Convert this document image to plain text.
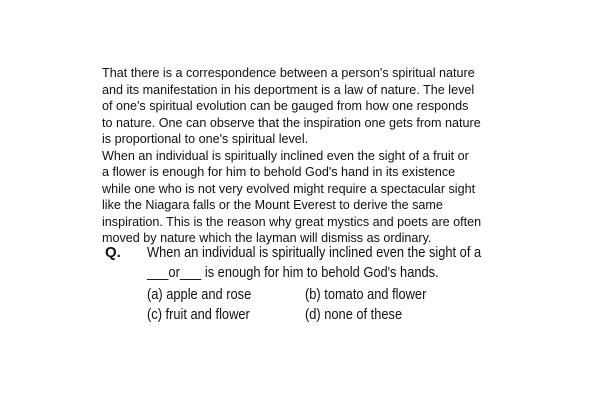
That there is a correspondence between a person's spiritual nature
and its manifestation in his deportment is a law of nature. The level
of one's spiritual evolution can be gauged from how one responds
to nature. One can observe that the inspiration one gets from nature
is proportional to one's spiritual level.

When an individual is spiritually inclined even the sight of a fruit or
a flower is enough for him to behold God's hand in its existence
while one who is not very evolved might require a spectacular sight
like the Niagara falls or the Mount Everest to derive the same
inspiration. This is the reason why great mystics and poets are often
moved by nature which the layman will dismiss as ordinary.

Q. When an individual is spiritually inclined even the sight of a
___or___ is enough for him to behold God's hands.
(a) apple and rose	(b) tomato and flower
(c) fruit and flower	(d) none of these
